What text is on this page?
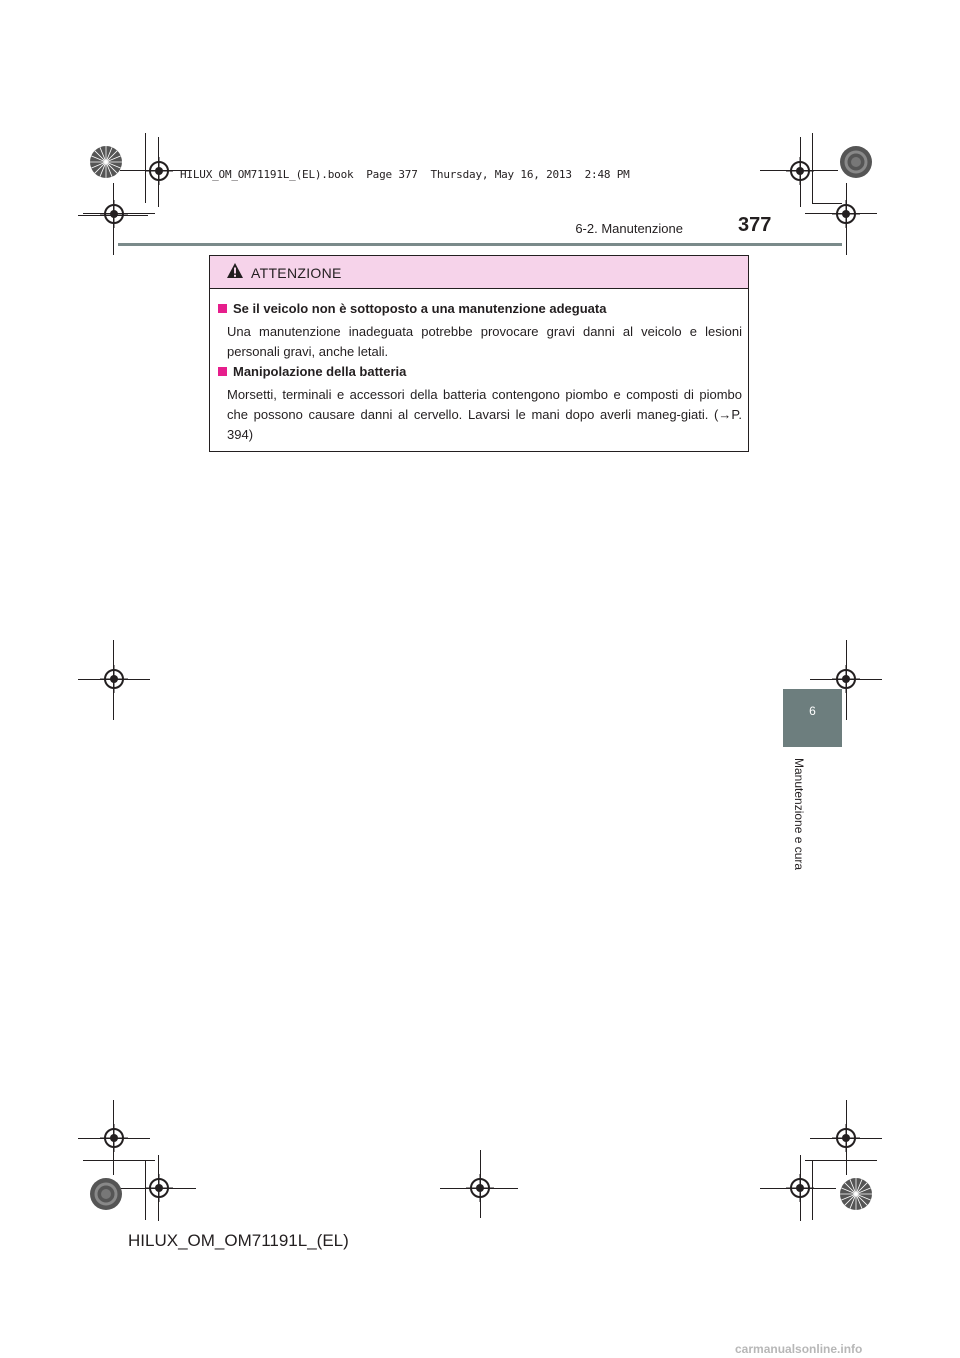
HILUX_OM_OM71191L_(EL).book  Page 377  Thursday, May 16, 2013  2:48 PM
6-2. Manutenzione	377
ATTENZIONE
Se il veicolo non è sottoposto a una manutenzione adeguata
Una manutenzione inadeguata potrebbe provocare gravi danni al veicolo e lesioni personali gravi, anche letali.
Manipolazione della batteria
Morsetti, terminali e accessori della batteria contengono piombo e composti di piombo che possono causare danni al cervello. Lavarsi le mani dopo averli maneg-giati. (→P. 394)
6
Manutenzione e cura
HILUX_OM_OM71191L_(EL)
carmanualsonline.info
